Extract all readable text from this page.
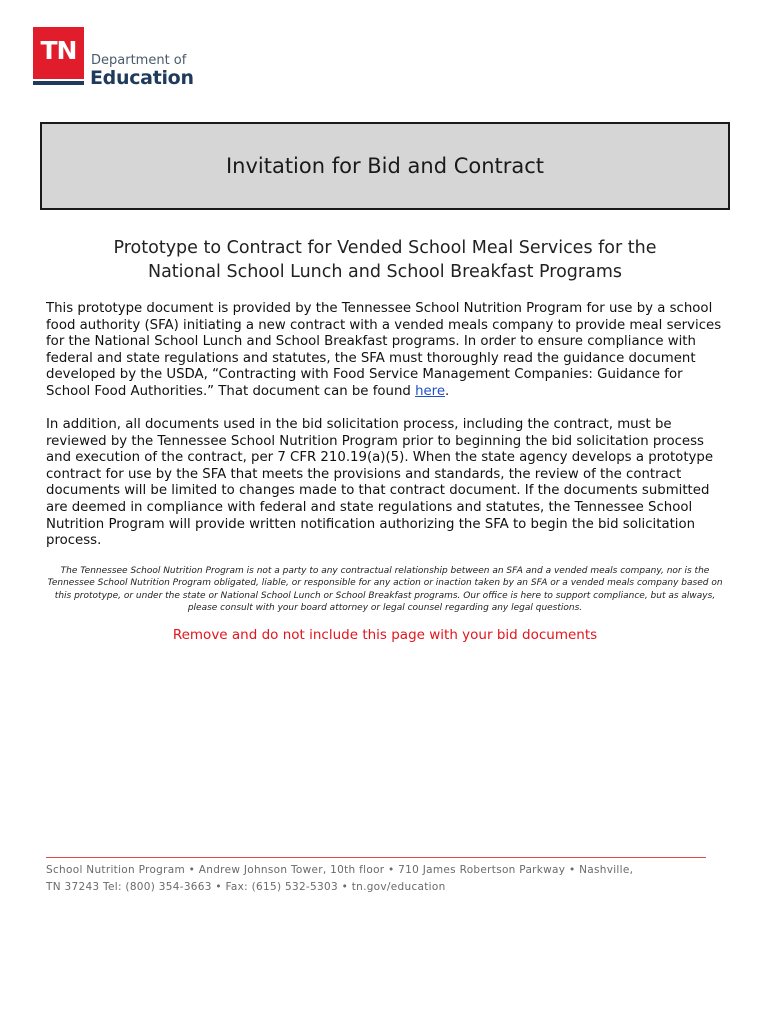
TN	Department of
Education
Invitation for Bid and Contract
Prototype to Contract for Vended School Meal Services for the
National School Lunch and School Breakfast Programs
This prototype document is provided by the Tennessee School Nutrition Program for use by a school food authority (SFA) initiating a new contract with a vended meals company to provide meal services for the National School Lunch and School Breakfast programs. In order to ensure compliance with federal and state regulations and statutes, the SFA must thoroughly read the guidance document developed by the USDA, “Contracting with Food Service Management Companies: Guidance for School Food Authorities.” That document can be found here.
In addition, all documents used in the bid solicitation process, including the contract, must be reviewed by the Tennessee School Nutrition Program prior to beginning the bid solicitation process and execution of the contract, per 7 CFR 210.19(a)(5). When the state agency develops a prototype contract for use by the SFA that meets the provisions and standards, the review of the contract documents will be limited to changes made to that contract document. If the documents submitted are deemed in compliance with federal and state regulations and statutes, the Tennessee School Nutrition Program will provide written notification authorizing the SFA to begin the bid solicitation process.
The Tennessee School Nutrition Program is not a party to any contractual relationship between an SFA and a vended meals company, nor is the Tennessee School Nutrition Program obligated, liable, or responsible for any action or inaction taken by an SFA or a vended meals company based on this prototype, or under the state or National School Lunch or School Breakfast programs. Our office is here to support compliance, but as always, please consult with your board attorney or legal counsel regarding any legal questions.
Remove and do not include this page with your bid documents
School Nutrition Program • Andrew Johnson Tower, 10th floor • 710 James Robertson Parkway • Nashville,
TN 37243 Tel: (800) 354-3663 • Fax: (615) 532-5303 • tn.gov/education
